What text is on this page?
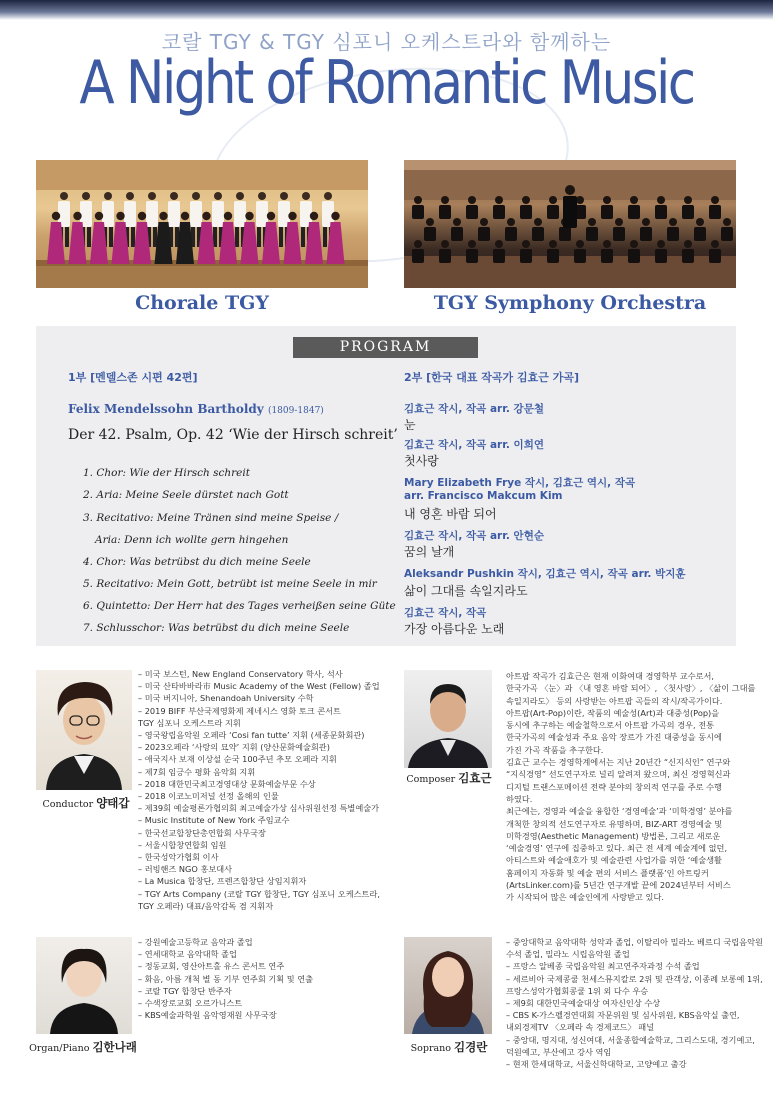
코랄 TGY & TGY 심포니 오케스트라와 함께하는
A Night of Romantic Music
Chorale TGY	TGY Symphony Orchestra
PROGRAM
1부 [멘델스존 시편 42편]	2부 [한국 대표 작곡가 김효근 가곡]
Felix Mendelssohn Bartholdy (1809-1847)
Der 42. Psalm, Op. 42 ‘Wie der Hirsch schreit’
1. Chor: Wie der Hirsch schreit
2. Aria: Meine Seele dürstet nach Gott
3. Recitativo: Meine Tränen sind meine Speise /
Aria: Denn ich wollte gern hingehen
4. Chor: Was betrübst du dich meine Seele
5. Recitativo: Mein Gott, betrübt ist meine Seele in mir
6. Quintetto: Der Herr hat des Tages verheißen seine Güte
7. Schlusschor: Was betrübst du dich meine Seele
김효근 작시, 작곡 arr. 강문철
눈
김효근 작시, 작곡 arr. 이희연
첫사랑
Mary Elizabeth Frye 작시, 김효근 역시, 작곡
arr. Francisco Makcum Kim
내 영혼 바람 되어
김효근 작시, 작곡 arr. 안현순
꿈의 날개
Aleksandr Pushkin 작시, 김효근 역시, 작곡 arr. 박지훈
삶이 그대를 속일지라도
김효근 작시, 작곡
가장 아름다운 노래
Conductor 양태갑
– 미국 보스턴, New England Conservatory 학사, 석사
– 미국 산타바바라市 Music Academy of the West (Fellow) 졸업
– 미국 버지니아, Shenandoah University 수학
– 2019 BIFF 부산국제영화제 제네시스 영화 토크 콘서트
TGY 심포니 오케스트라 지휘
– 영국왕립음악원 오페라 ‘Cosi fan tutte’ 지휘 (세종문화회관)
– 2023오페라 ‘사랑의 묘약’ 지휘 (양산문화예술회관)
– 애국지사 보재 이상설 순국 100주년 추모 오페라 지휘
– 제7회 임긍수 평화 음악회 지휘
– 2018 대한민국최고경영대상 문화예술부문 수상
– 2018 이코노미저널 선정 올해의 인물
– 제39회 예술평론가협의회 최고예술가상 심사위원선정 특별예술가
– Music Institute of New York 주임교수
– 한국선교합창단총연합회 사무국장
– 서울시합창연합회 임원
– 한국성악가협회 이사
– 러빙핸즈 NGO 홍보대사
– La Musica 합창단, 프렌즈합창단 상임지휘자
– TGY Arts Company (코랄 TGY 합창단, TGY 심포니 오케스트라,
TGY 오페라) 대표/음악감독 겸 지휘자
Composer 김효근

아트팝 작곡가 김효근은 현재 이화여대 경영학부 교수로서,

한국가곡 〈눈〉과 〈내 영혼 바람 되어〉, 〈첫사랑〉, 〈삶이 그대를

속일지라도〉 등의 사랑받는 아트팝 곡들의 작시/작곡가이다.

아트팝(Art-Pop)이란, 작품의 예술성(Art)과 대중성(Pop)을

동시에 추구하는 예술철학으로서 아트팝 가곡의 경우, 전통

한국가곡의 예술성과 주요 음악 장르가 가진 대중성을 동시에

가진 가곡 작품을 추구한다.

김효근 교수는 경영학계에서는 지난 20년간 “신지식인” 연구와

“지식경영” 선도연구자로 널리 알려져 왔으며, 최신 경영혁신과

디지털 트랜스포메이션 전략 분야의 창의적 연구를 주로 수행

하였다.

최근에는, 경영과 예술을 융합한 ‘경영예술’과 ‘미학경영’ 분야를

개척한 창의적 선도연구자로 유명하며, BIZ-ART 경영예술 및

미학경영(Aesthetic Management) 방법론, 그리고 새로운

‘예술경영’ 연구에 집중하고 있다. 최근 전 세계 예술계에 없던,

아티스트와 예술애호가 및 예술관련 사업가를 위한 ‘예술생활

홈페이지 자동화 및 예술 편의 서비스 플랫폼’인 아트링커

(ArtsLinker.com)를 5년간 연구개발 끝에 2024년부터 서비스

가 시작되어 많은 예술인에게 사랑받고 있다.

Organ/Piano 김한나래
– 강원예술고등학교 음악과 졸업
– 연세대학교 음악대학 졸업
– 정동교회, 영산아트홀 유스 콘서트 연주
– 화음, 아름 개척 별 동 기부 연주회 기획 및 연출
– 코랄 TGY 합창단 반주자
– 수색장로교회 오르가니스트
– KBS예술과학원 음악영재원 사무국장
Soprano 김경란
– 중앙대학교 음악대학 성악과 졸업, 이탈리아 밀라노 베르디 국립음악원
수석 졸업, 밀라노 시립음악원 졸업
– 프랑스 알베종 국립음악원 최고연주자과정 수석 졸업
– 세르비아 국제콩쿨 천세스뮤지칼로 2위 및 관객상, 이종례 보롱예 1위,
프랑스성악가협회콩쿨 1위 외 다수 우승
– 제9회 대한민국예술대상 여자신인상 수상
– CBS K-가스펠경연대회 자문위원 및 심사위원, KBS음악실 출연,
내외경제TV 〈오페라 속 경제코드〉 패널
– 중앙대, 명지대, 성신여대, 서울종합예술학교, 그리스도대, 경기예고,
덕원예고, 부산예고 강사 역임
– 현재 한세대학교, 서울신학대학교, 고양예고 출강
